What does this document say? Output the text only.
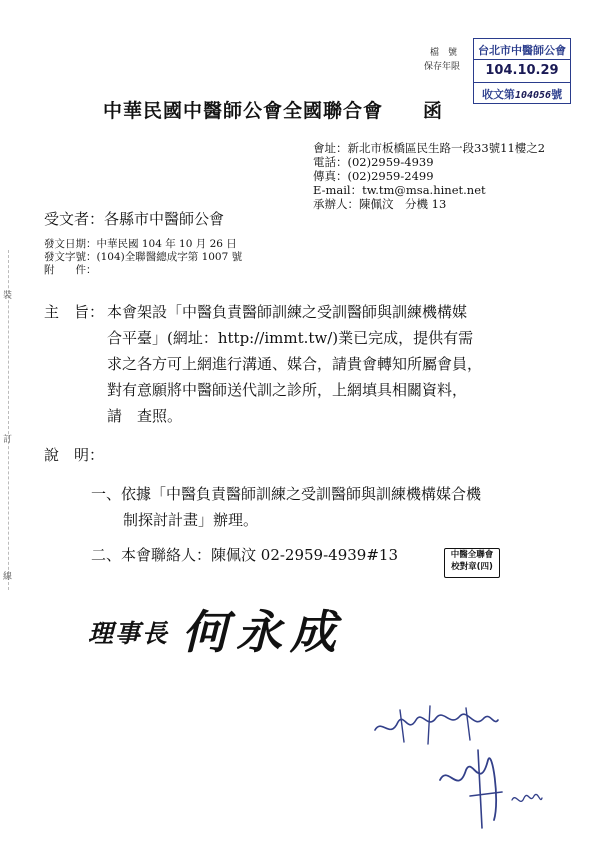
裝
訂
線
檔　號
保存年限
台北市中醫師公會
104.10.29
收文第104056號
中華民國中醫師公會全國聯合會　　函
會址：新北市板橋區民生路一段33號11樓之2
電話：(02)2959-4939
傳真：(02)2959-2499
E-mail：tw.tm@msa.hinet.net
承辦人：陳佩汶　分機 13
受文者：各縣市中醫師公會
發文日期：中華民國 104 年 10 月 26 日
發文字號：(104)全聯醫總成字第 1007 號
附　　件：
主　旨： 本會架設「中醫負責醫師訓練之受訓醫師與訓練機構媒
合平臺」(網址：http://immt.tw/)業已完成，提供有需
求之各方可上網進行溝通、媒合，請貴會轉知所屬會員，
對有意願將中醫師送代訓之診所，上網填具相關資料，
請　查照。
說　明：
一、依據「中醫負責醫師訓練之受訓醫師與訓練機構媒合機
制探討計畫」辦理。
二、本會聯絡人：陳佩汶 02-2959-4939#13	中醫全聯會
校對章(四)
理事長 何永成
